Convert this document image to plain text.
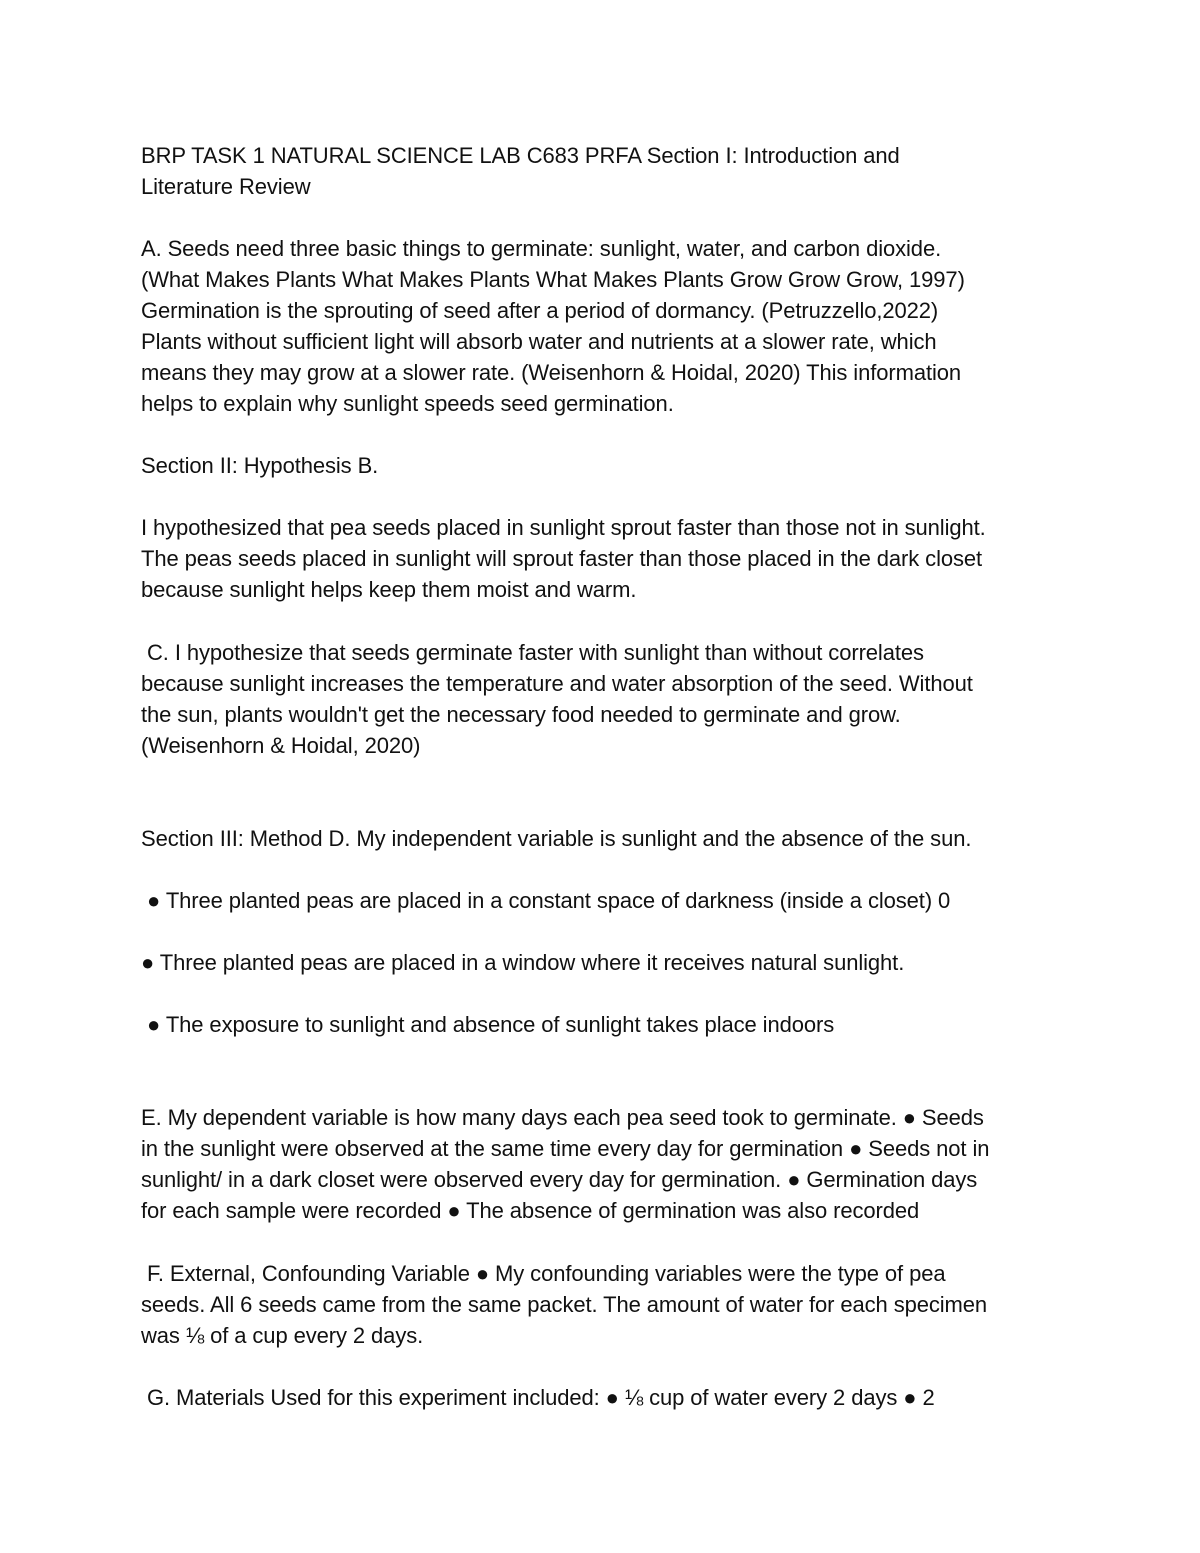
BRP TASK 1 NATURAL SCIENCE LAB C683 PRFA Section I: Introduction and
Literature Review
A. Seeds need three basic things to germinate: sunlight, water, and carbon dioxide.
(What Makes Plants What Makes Plants What Makes Plants Grow Grow Grow, 1997)
Germination is the sprouting of seed after a period of dormancy. (Petruzzello,2022)
Plants without sufficient light will absorb water and nutrients at a slower rate, which
means they may grow at a slower rate. (Weisenhorn & Hoidal, 2020) This information
helps to explain why sunlight speeds seed germination.
Section II: Hypothesis B.
I hypothesized that pea seeds placed in sunlight sprout faster than those not in sunlight.
The peas seeds placed in sunlight will sprout faster than those placed in the dark closet
because sunlight helps keep them moist and warm.
C. I hypothesize that seeds germinate faster with sunlight than without correlates
because sunlight increases the temperature and water absorption of the seed. Without
the sun, plants wouldn't get the necessary food needed to germinate and grow.
(Weisenhorn & Hoidal, 2020)
Section III: Method D. My independent variable is sunlight and the absence of the sun.
● Three planted peas are placed in a constant space of darkness (inside a closet) 0
● Three planted peas are placed in a window where it receives natural sunlight.
● The exposure to sunlight and absence of sunlight takes place indoors
E. My dependent variable is how many days each pea seed took to germinate. ● Seeds
in the sunlight were observed at the same time every day for germination ● Seeds not in
sunlight/ in a dark closet were observed every day for germination. ● Germination days
for each sample were recorded ● The absence of germination was also recorded
F. External, Confounding Variable ● My confounding variables were the type of pea
seeds. All 6 seeds came from the same packet. The amount of water for each specimen
was ⅛ of a cup every 2 days.
G. Materials Used for this experiment included: ● ⅛ cup of water every 2 days ● 2
